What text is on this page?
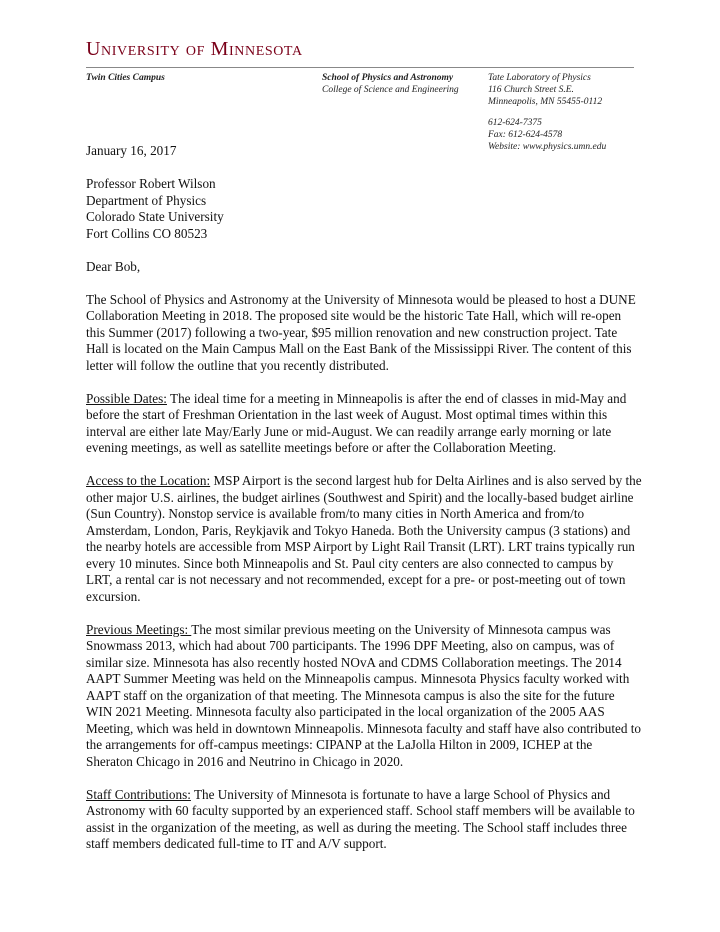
University of Minnesota
Twin Cities Campus	School of Physics and Astronomy
College of Science and Engineering
Tate Laboratory of Physics
116 Church Street S.E.
Minneapolis, MN 55455-0112
612-624-7375
Fax: 612-624-4578
Website: www.physics.umn.edu

January 16, 2017

Professor Robert Wilson
Department of Physics
Colorado State University
Fort Collins CO 80523

Dear Bob,

The School of Physics and Astronomy at the University of Minnesota would be pleased to host a DUNE Collaboration Meeting in 2018. The proposed site would be the historic Tate Hall, which will re-open this Summer (2017) following a two-year, $95 million renovation and new construction project. Tate Hall is located on the Main Campus Mall on the East Bank of the Mississippi River. The content of this letter will follow the outline that you recently distributed.

Possible Dates: The ideal time for a meeting in Minneapolis is after the end of classes in mid-May and before the start of Freshman Orientation in the last week of August. Most optimal times within this interval are either late May/Early June or mid-August. We can readily arrange early morning or late evening meetings, as well as satellite meetings before or after the Collaboration Meeting.

Access to the Location: MSP Airport is the second largest hub for Delta Airlines and is also served by the other major U.S. airlines, the budget airlines (Southwest and Spirit) and the locally-based budget airline (Sun Country). Nonstop service is available from/to many cities in North America and from/to Amsterdam, London, Paris, Reykjavik and Tokyo Haneda. Both the University campus (3 stations) and the nearby hotels are accessible from MSP Airport by Light Rail Transit (LRT). LRT trains typically run every 10 minutes. Since both Minneapolis and St. Paul city centers are also connected to campus by LRT, a rental car is not necessary and not recommended, except for a pre- or post-meeting out of town excursion.

Previous Meetings: The most similar previous meeting on the University of Minnesota campus was Snowmass 2013, which had about 700 participants. The 1996 DPF Meeting, also on campus, was of similar size. Minnesota has also recently hosted NOvA and CDMS Collaboration meetings. The 2014 AAPT Summer Meeting was held on the Minneapolis campus. Minnesota Physics faculty worked with AAPT staff on the organization of that meeting. The Minnesota campus is also the site for the future WIN 2021 Meeting. Minnesota faculty also participated in the local organization of the 2005 AAS Meeting, which was held in downtown Minneapolis. Minnesota faculty and staff have also contributed to the arrangements for off-campus meetings: CIPANP at the LaJolla Hilton in 2009, ICHEP at the Sheraton Chicago in 2016 and Neutrino in Chicago in 2020.

Staff Contributions: The University of Minnesota is fortunate to have a large School of Physics and Astronomy with 60 faculty supported by an experienced staff. School staff members will be available to assist in the organization of the meeting, as well as during the meeting. The School staff includes three staff members dedicated full-time to IT and A/V support.
